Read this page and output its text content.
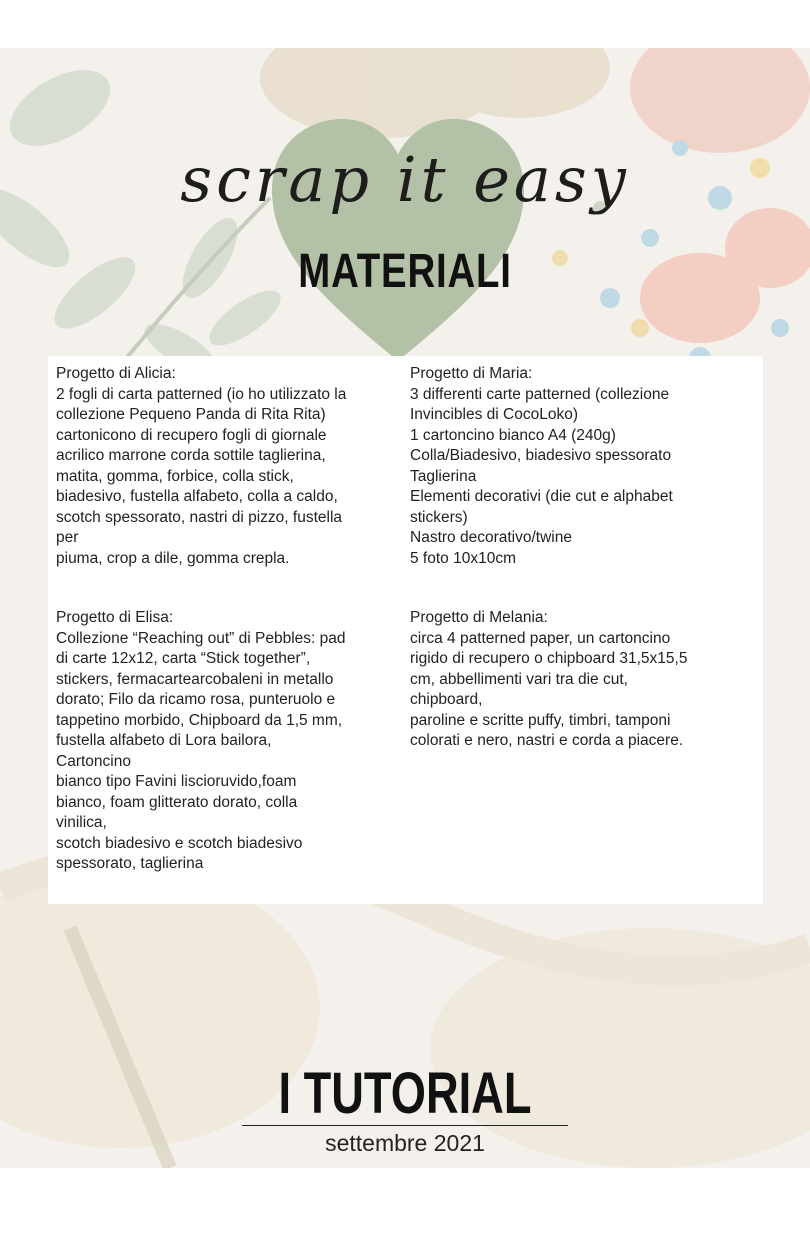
scrap it easy
MATERIALI
Progetto di Alicia:
2 fogli di carta patterned (io ho utilizzato la
collezione Pequeno Panda di Rita Rita)
cartonicono di recupero fogli di giornale
acrilico marrone corda sottile taglierina,
matita, gomma, forbice, colla stick,
biadesivo, fustella alfabeto, colla a caldo,
scotch spessorato, nastri di pizzo, fustella
per
piuma, crop a dile, gomma crepla.
Progetto di Maria:
3 differenti carte patterned (collezione
Invincibles di CocoLoko)
1 cartoncino bianco A4 (240g)
Colla/Biadesivo, biadesivo spessorato
Taglierina
Elementi decorativi (die cut e alphabet
stickers)
Nastro decorativo/twine
5 foto 10x10cm
Progetto di Elisa:
Collezione “Reaching out” di Pebbles: pad
di carte 12x12, carta “Stick together”,
stickers, fermacartearcobaleni in metallo
dorato; Filo da ricamo rosa, punteruolo e
tappetino morbido, Chipboard da 1,5 mm,
fustella alfabeto di Lora bailora,
Cartoncino
bianco tipo Favini liscioruvido,foam
bianco, foam glitterato dorato, colla
vinilica,
scotch biadesivo e scotch biadesivo
spessorato, taglierina
Progetto di Melania:
circa 4 patterned paper, un cartoncino
rigido di recupero o chipboard 31,5x15,5
cm, abbellimenti vari tra die cut,
chipboard,
paroline e scritte puffy, timbri, tamponi
colorati e nero, nastri e corda a piacere.
I TUTORIAL
settembre 2021
